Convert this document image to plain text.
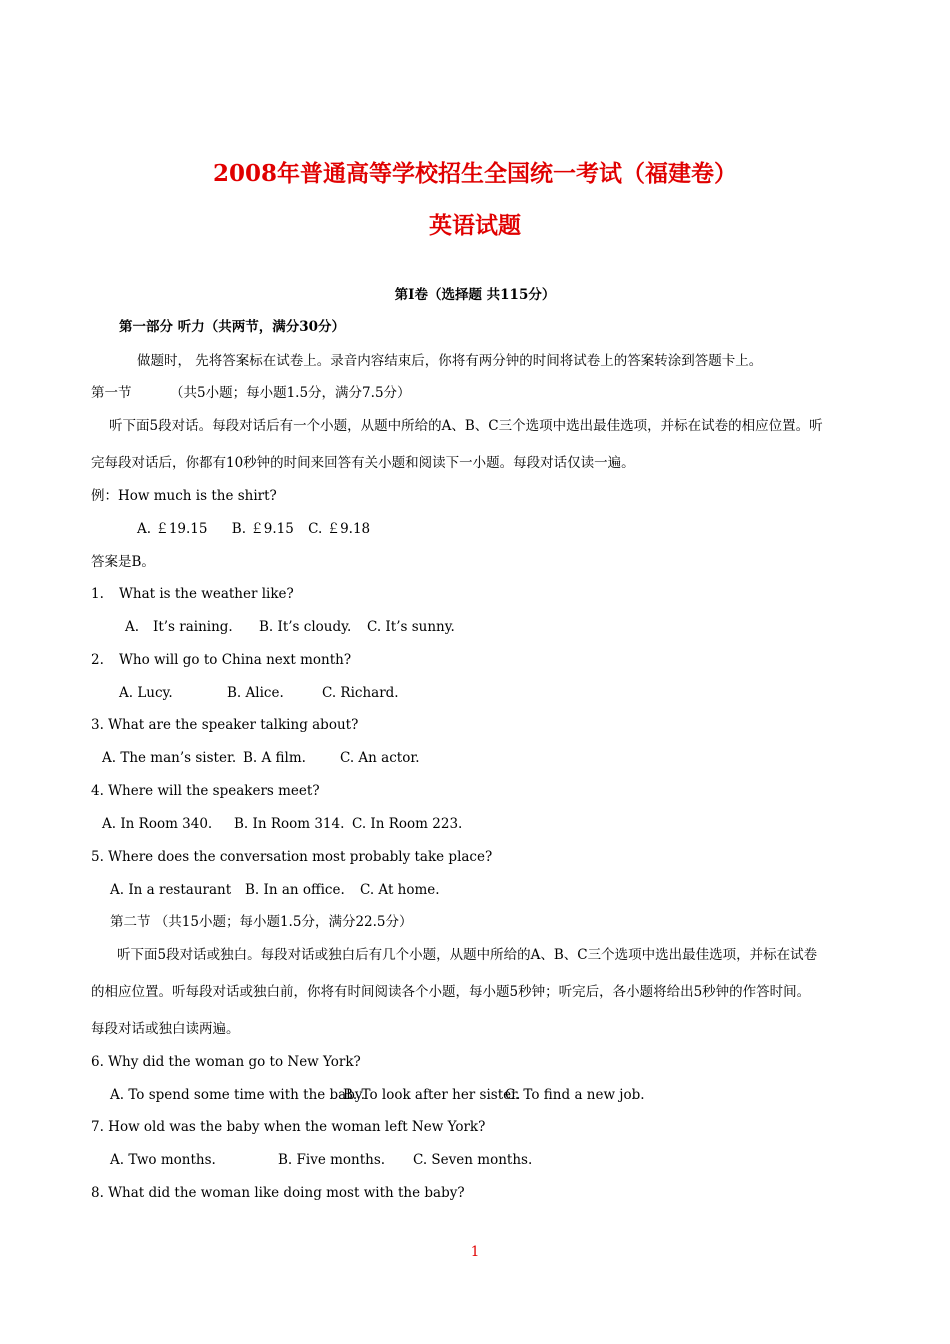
2008年普通高等学校招生全国统一考试（福建卷）
英语试题
第Ⅰ卷（选择题 共115分）
第一部分 听力（共两节，满分30分）
做题时， 先将答案标在试卷上。录音内容结束后，你将有两分钟的时间将试卷上的答案转涂到答题卡上。
第一节	（共5小题；每小题1.5分，满分7.5分）
听下面5段对话。每段对话后有一个小题，从题中所给的A、B、C三个选项中选出最佳选项，并标在试卷的相应位置。听
完每段对话后，你都有10秒钟的时间来回答有关小题和阅读下一小题。每段对话仅读一遍。
例：How much is the shirt?
A. ￡19.15 B. ￡9.15 C. ￡9.18
答案是B。
1. What is the weather like?
A. It’s raining. B. It’s cloudy. C. It’s sunny.
2. Who will go to China next month?
A. Lucy.	B. Alice.	C. Richard.
3. What are the speaker talking about?
A. The man’s sister. B. A film.	C. An actor.
4. Where will the speakers meet?
A. In Room 340. B. In Room 314. C. In Room 223.
5. Where does the conversation most probably take place?
A. In a restaurant B. In an office. C. At home.
第二节 （共15小题；每小题1.5分，满分22.5分）
听下面5段对话或独白。每段对话或独白后有几个小题，从题中所给的A、B、C三个选项中选出最佳选项，并标在试卷
的相应位置。听每段对话或独白前，你将有时间阅读各个小题，每小题5秒钟；听完后，各小题将给出5秒钟的作答时间。
每段对话或独白读两遍。
6. Why did the woman go to New York?
A. To spend some time with the baby.
B. To look after her sister.
C. To find a new job.
7. How old was the baby when the woman left New York?
A. Two months.	B. Five months. C. Seven months.
8. What did the woman like doing most with the baby?
1
